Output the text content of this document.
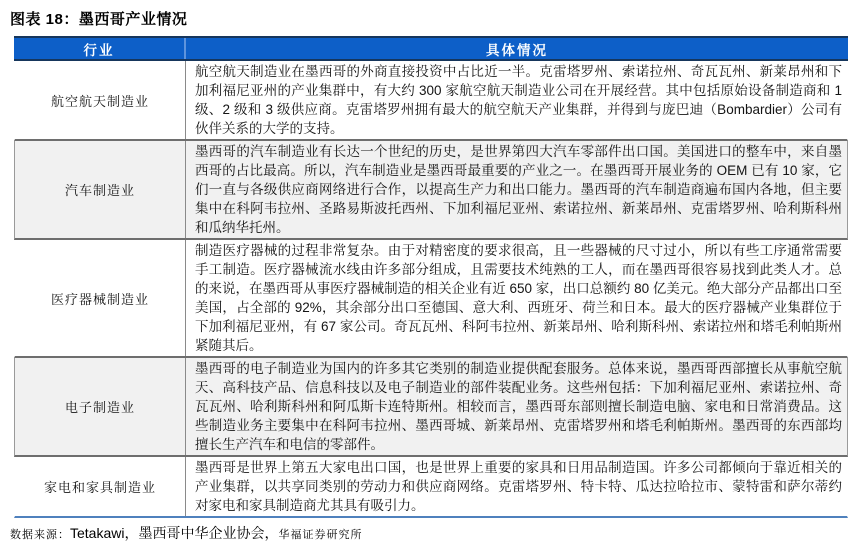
图表 18：墨西哥产业情况
行业	具体情况
航空航天制造业
航空航天制造业在墨西哥的外商直接投资中占比近一半。克雷塔罗州、索诺拉州、奇瓦瓦州、新莱昂州和下加利福尼亚州的产业集群中，有大约 300 家航空航天制造业公司在开展经营。其中包括原始设备制造商和 1 级、2 级和 3 级供应商。克雷塔罗州拥有最大的航空航天产业集群，并得到与庞巴迪（Bombardier）公司有伙伴关系的大学的支持。
汽车制造业
墨西哥的汽车制造业有长达一个世纪的历史，是世界第四大汽车零部件出口国。美国进口的整车中，来自墨西哥的占比最高。所以，汽车制造业是墨西哥最重要的产业之一。在墨西哥开展业务的 OEM 已有 10 家，它们一直与各级供应商网络进行合作，以提高生产力和出口能力。墨西哥的汽车制造商遍布国内各地，但主要集中在科阿韦拉州、圣路易斯波托西州、下加利福尼亚州、索诺拉州、新莱昂州、克雷塔罗州、哈利斯科州和瓜纳华托州。
医疗器械制造业
制造医疗器械的过程非常复杂。由于对精密度的要求很高，且一些器械的尺寸过小，所以有些工序通常需要手工制造。医疗器械流水线由许多部分组成，且需要技术纯熟的工人，而在墨西哥很容易找到此类人才。总的来说，在墨西哥从事医疗器械制造的相关企业有近 650 家，出口总额约 80 亿美元。绝大部分产品都出口至美国，占全部的 92%，其余部分出口至德国、意大利、西班牙、荷兰和日本。最大的医疗器械产业集群位于下加利福尼亚州，有 67 家公司。奇瓦瓦州、科阿韦拉州、新莱昂州、哈利斯科州、索诺拉州和塔毛利帕斯州紧随其后。
电子制造业
墨西哥的电子制造业为国内的许多其它类别的制造业提供配套服务。总体来说，墨西哥西部擅长从事航空航天、高科技产品、信息科技以及电子制造业的部件装配业务。这些州包括：下加利福尼亚州、索诺拉州、奇瓦瓦州、哈利斯科州和阿瓜斯卡连特斯州。相较而言，墨西哥东部则擅长制造电脑、家电和日常消费品。这些制造业务主要集中在科阿韦拉州、墨西哥城、新莱昂州、克雷塔罗州和塔毛利帕斯州。墨西哥的东西部均擅长生产汽车和电信的零部件。
家电和家具制造业
墨西哥是世界上第五大家电出口国，也是世界上重要的家具和日用品制造国。许多公司都倾向于靠近相关的产业集群，以共享同类别的劳动力和供应商网络。克雷塔罗州、特卡特、瓜达拉哈拉市、蒙特雷和萨尔蒂约对家电和家具制造商尤其具有吸引力。
数据来源：Tetakawi，墨西哥中华企业协会，华福证券研究所
